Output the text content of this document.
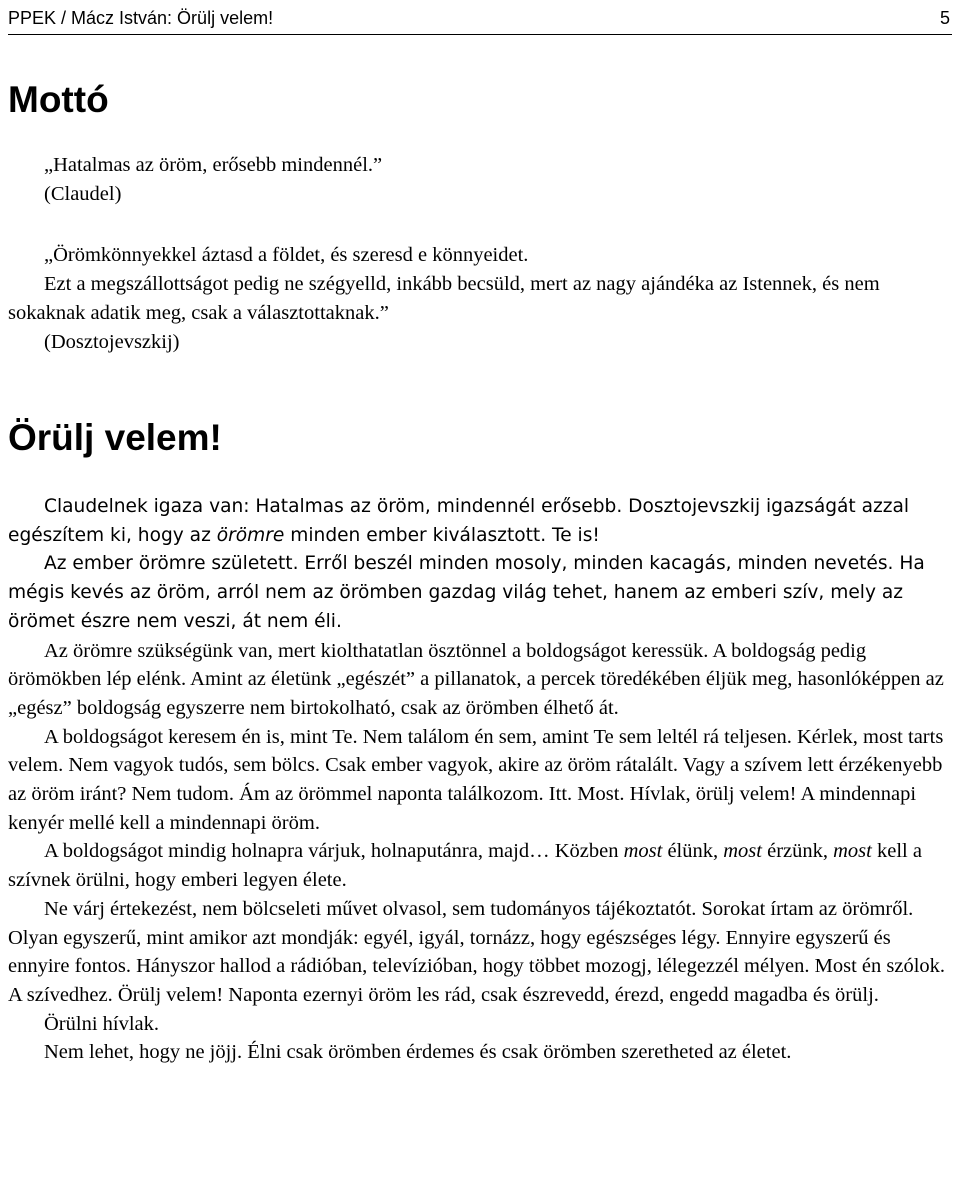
PPEK / Mácz István: Örülj velem!	5
Mottó

„Hatalmas az öröm, erősebb mindennél.”

(Claudel)

„Örömkönnyekkel áztasd a földet, és szeresd e könnyeidet.

Ezt a megszállottságot pedig ne szégyelld, inkább becsüld, mert az nagy ajándéka az Istennek, és nem sokaknak adatik meg, csak a választottaknak.”

(Dosztojevszkij)

Örülj velem!

Claudelnek igaza van: Hatalmas az öröm, mindennél erősebb. Dosztojevszkij igazságát azzal egészítem ki, hogy az örömre minden ember kiválasztott. Te is!

Az ember örömre született. Erről beszél minden mosoly, minden kacagás, minden nevetés. Ha mégis kevés az öröm, arról nem az örömben gazdag világ tehet, hanem az emberi szív, mely az örömet észre nem veszi, át nem éli.

Az örömre szükségünk van, mert kiolthatatlan ösztönnel a boldogságot keressük. A boldogság pedig örömökben lép elénk. Amint az életünk „egészét” a pillanatok, a percek töredékében éljük meg, hasonlóképpen az „egész” boldogság egyszerre nem birtokolható, csak az örömben élhető át.

A boldogságot keresem én is, mint Te. Nem találom én sem, amint Te sem leltél rá teljesen. Kérlek, most tarts velem. Nem vagyok tudós, sem bölcs. Csak ember vagyok, akire az öröm rátalált. Vagy a szívem lett érzékenyebb az öröm iránt? Nem tudom. Ám az örömmel naponta találkozom. Itt. Most. Hívlak, örülj velem! A mindennapi kenyér mellé kell a mindennapi öröm.

A boldogságot mindig holnapra várjuk, holnaputánra, majd… Közben most élünk, most érzünk, most kell a szívnek örülni, hogy emberi legyen élete.

Ne várj értekezést, nem bölcseleti művet olvasol, sem tudományos tájékoztatót. Sorokat írtam az örömről. Olyan egyszerű, mint amikor azt mondják: egyél, igyál, tornázz, hogy egészséges légy. Ennyire egyszerű és ennyire fontos. Hányszor hallod a rádióban, televízióban, hogy többet mozogj, lélegezzél mélyen. Most én szólok. A szívedhez. Örülj velem! Naponta ezernyi öröm les rád, csak észrevedd, érezd, engedd magadba és örülj.

Örülni hívlak.

Nem lehet, hogy ne jöjj. Élni csak örömben érdemes és csak örömben szeretheted az életet.
